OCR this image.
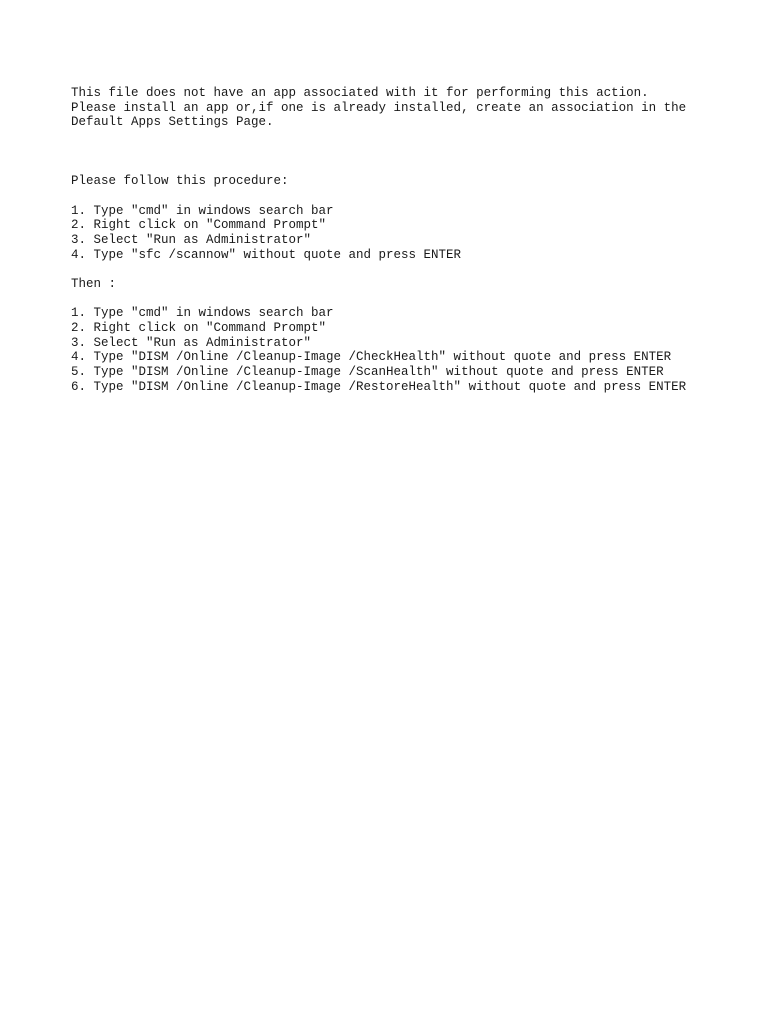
This file does not have an app associated with it for performing this action.

Please install an app or,if one is already installed, create an association in the

Default Apps Settings Page.

Please follow this procedure:

1. Type "cmd" in windows search bar

2. Right click on "Command Prompt"

3. Select "Run as Administrator"

4. Type "sfc /scannow" without quote and press ENTER

Then :

1. Type "cmd" in windows search bar

2. Right click on "Command Prompt"

3. Select "Run as Administrator"

4. Type "DISM /Online /Cleanup-Image /CheckHealth" without quote and press ENTER

5. Type "DISM /Online /Cleanup-Image /ScanHealth" without quote and press ENTER

6. Type "DISM /Online /Cleanup-Image /RestoreHealth" without quote and press ENTER
